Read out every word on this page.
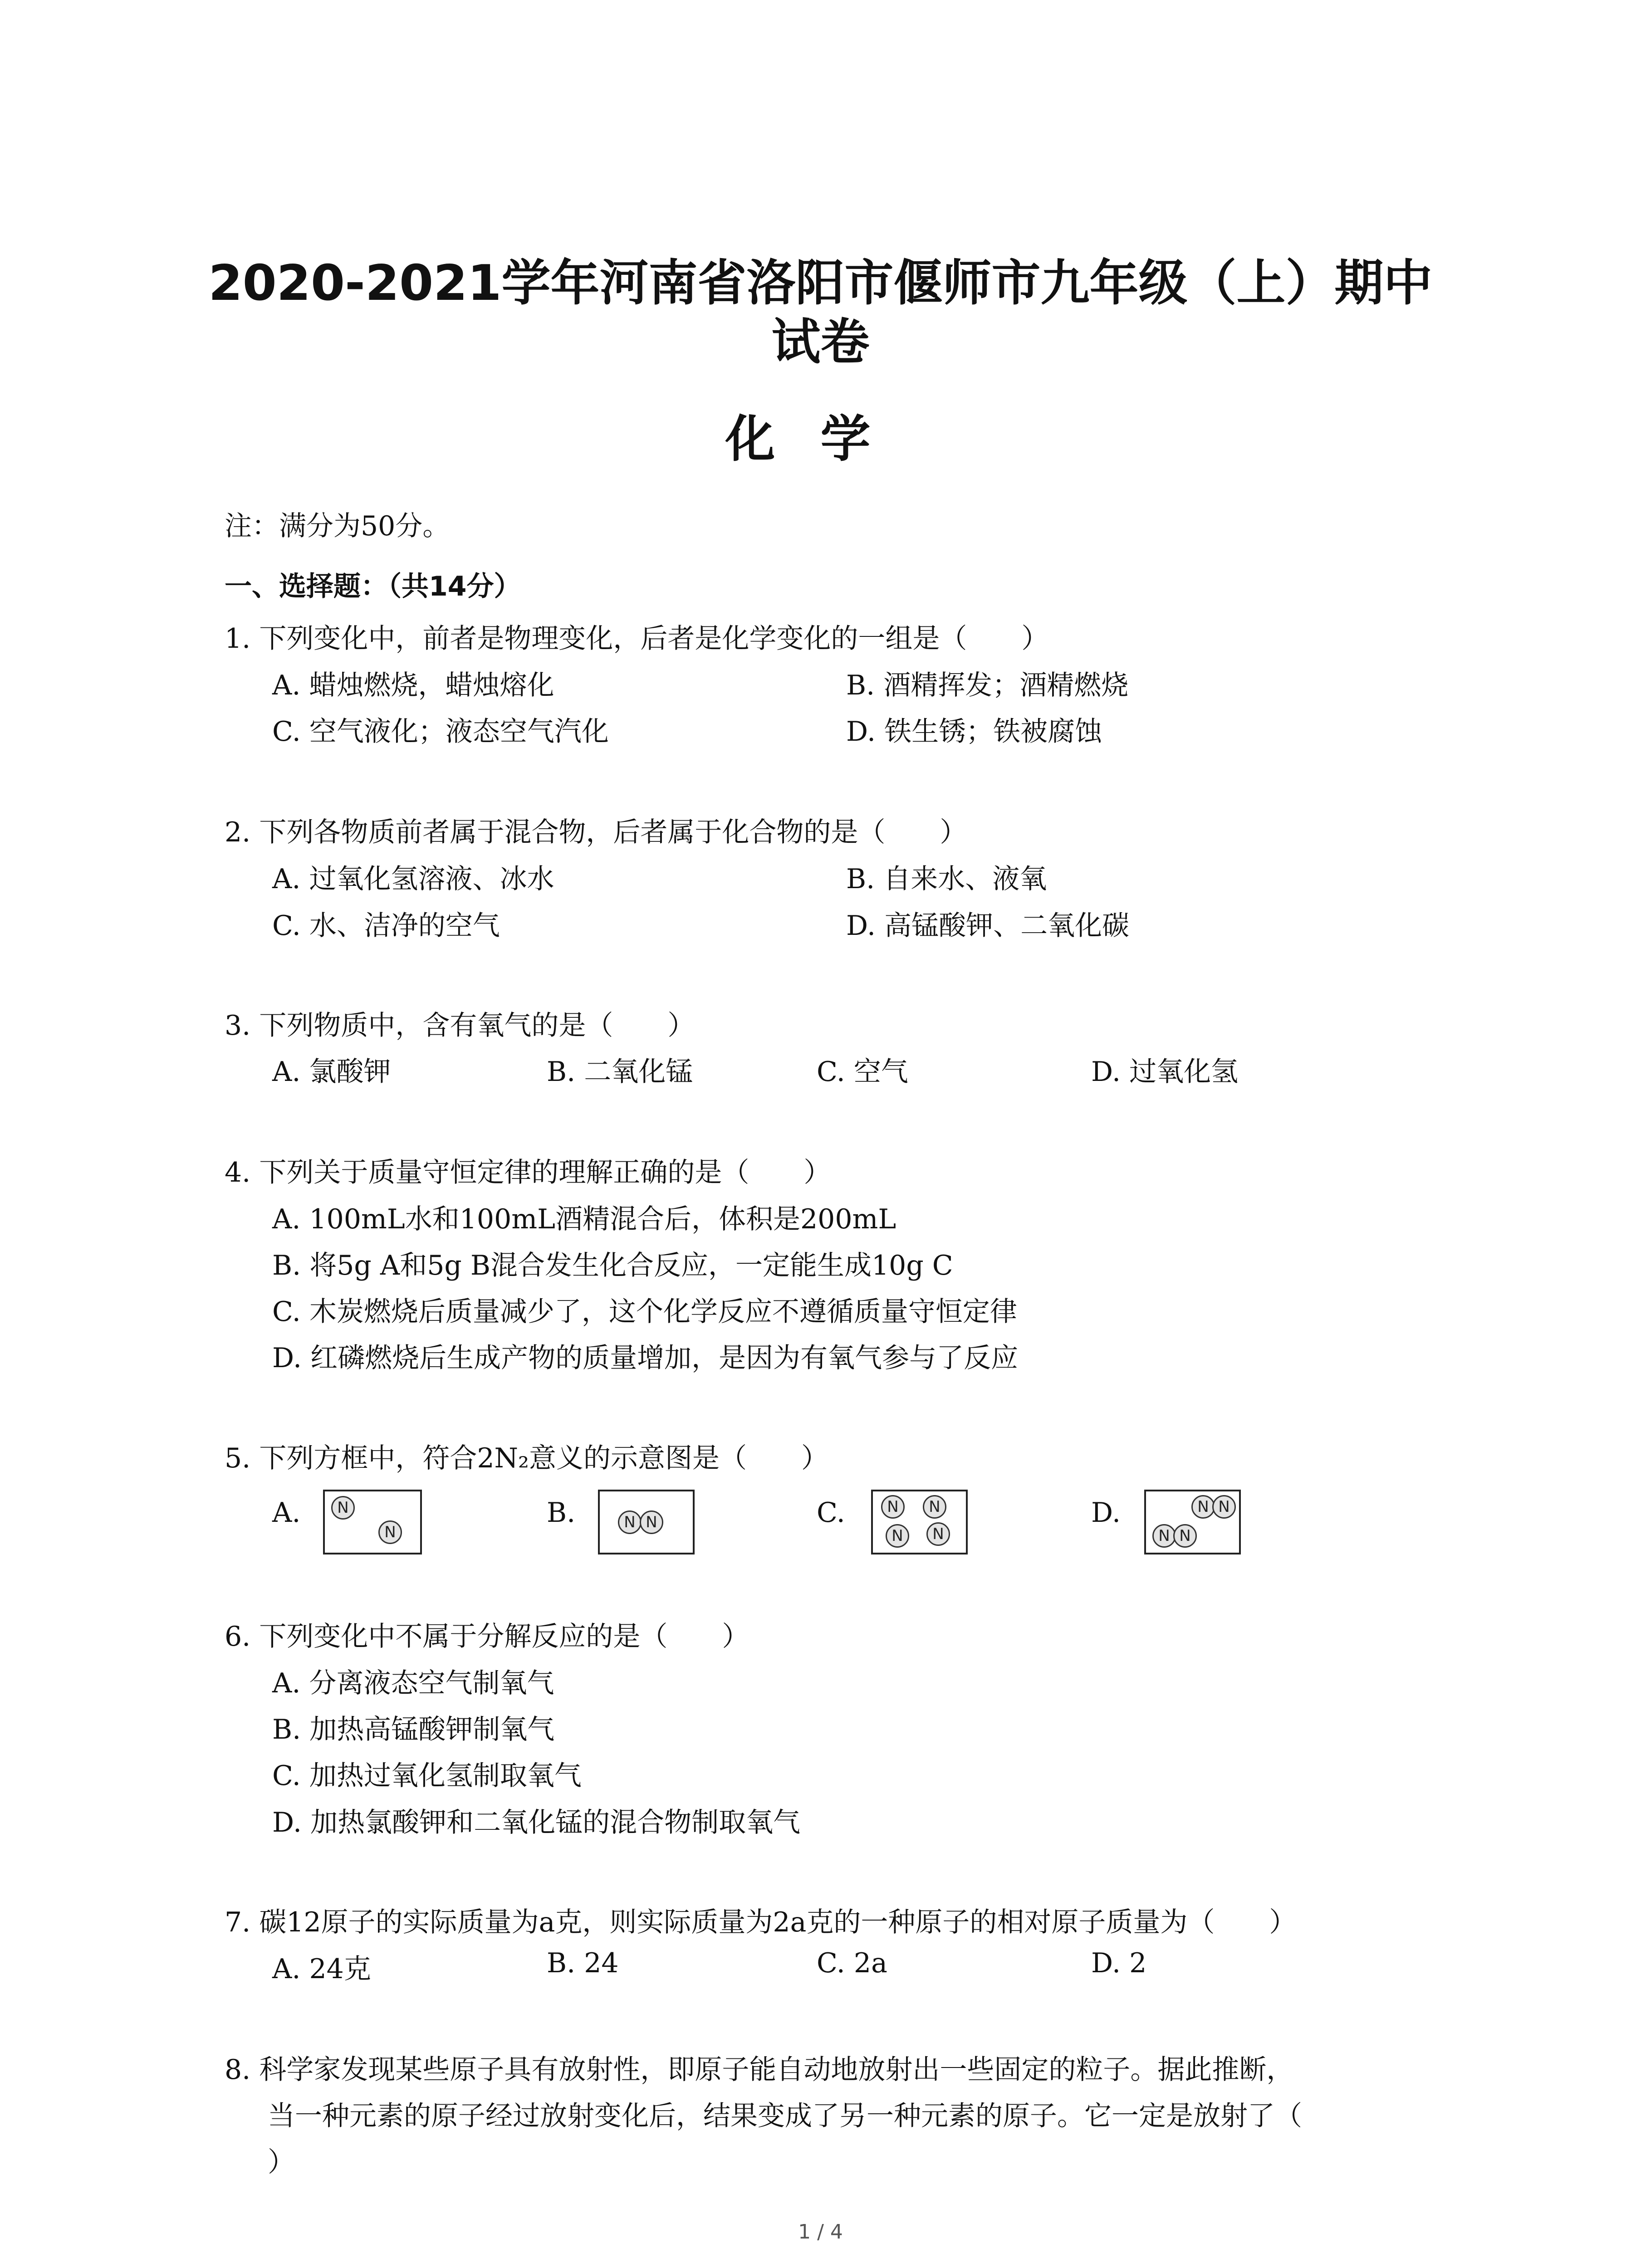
2020-2021学年河南省洛阳市偃师市九年级（上）期中
试卷
化学
注：满分为50分。
一、选择题：（共14分）
1. 下列变化中，前者是物理变化，后者是化学变化的一组是（　　）
A. 蜡烛燃烧，蜡烛熔化	B. 酒精挥发；酒精燃烧
C. 空气液化；液态空气汽化	D. 铁生锈；铁被腐蚀
2. 下列各物质前者属于混合物，后者属于化合物的是（　　）
A. 过氧化氢溶液、冰水	B. 自来水、液氧
C. 水、洁净的空气	D. 高锰酸钾、二氧化碳
3. 下列物质中，含有氧气的是（　　）
A. 氯酸钾	B. 二氧化锰	C. 空气	D. 过氧化氢
4. 下列关于质量守恒定律的理解正确的是（　　）
A. 100mL水和100mL酒精混合后，体积是200mL
B. 将5g A和5g B混合发生化合反应，一定能生成10g C
C. 木炭燃烧后质量减少了，这个化学反应不遵循质量守恒定律
D. 红磷燃烧后生成产物的质量增加，是因为有氧气参与了反应
5. 下列方框中，符合2N₂意义的示意图是（　　）
A.	N
N
B.	N N	C.	N	N
N	N
D.	N N
N N
6. 下列变化中不属于分解反应的是（　　）
A. 分离液态空气制氧气
B. 加热高锰酸钾制氧气
C. 加热过氧化氢制取氧气
D. 加热氯酸钾和二氧化锰的混合物制取氧气
7. 碳12原子的实际质量为a克，则实际质量为2a克的一种原子的相对原子质量为（　　）
A. 24克	B. 24	C. 2a	D. 2
8. 科学家发现某些原子具有放射性，即原子能自动地放射出一些固定的粒子。据此推断，
当一种元素的原子经过放射变化后，结果变成了另一种元素的原子。它一定是放射了（
）
1 / 4
